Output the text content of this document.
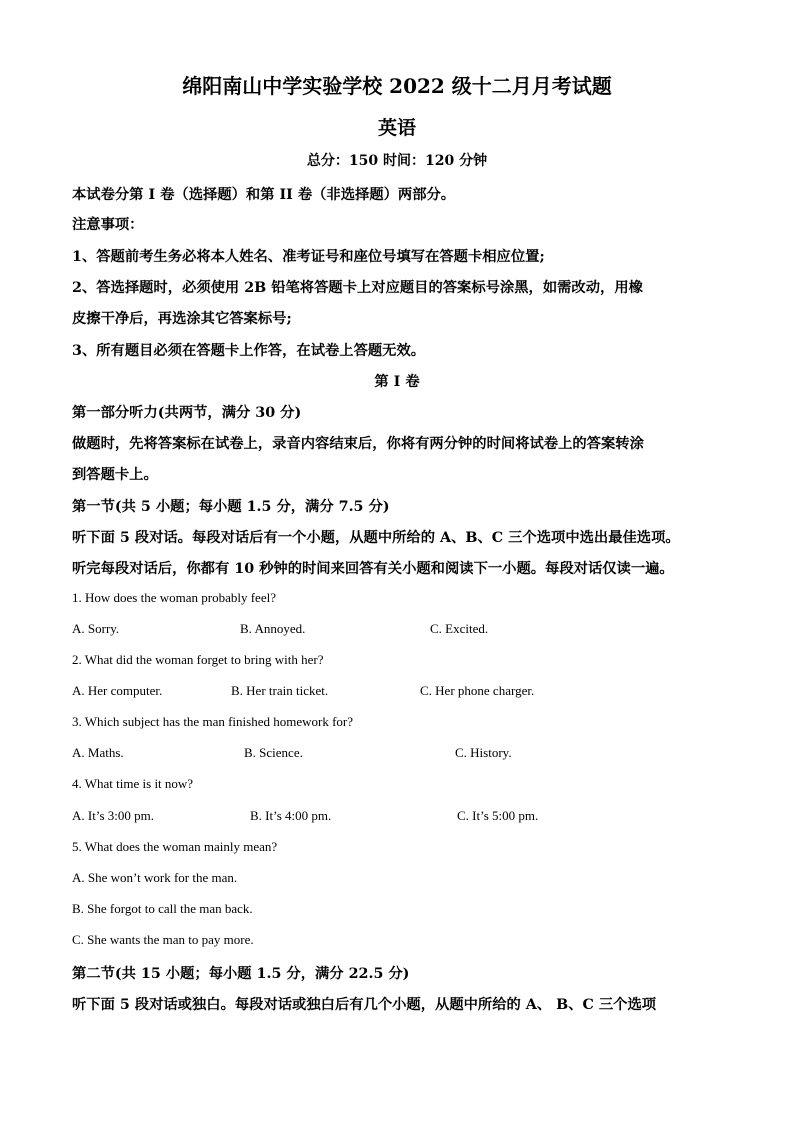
绵阳南山中学实验学校 2022 级十二月月考试题
英语
总分：150 时间：120 分钟
本试卷分第 I 卷（选择题）和第 II 卷（非选择题）两部分。
注意事项：
1、答题前考生务必将本人姓名、准考证号和座位号填写在答题卡相应位置;
2、答选择题时，必须使用 2B 铅笔将答题卡上对应题目的答案标号涂黑，如需改动，用橡
皮擦干净后，再选涂其它答案标号;
3、所有题目必须在答题卡上作答，在试卷上答题无效。
第 I 卷
第一部分听力(共两节，满分 30 分)
做题时，先将答案标在试卷上，录音内容结束后，你将有两分钟的时间将试卷上的答案转涂
到答题卡上。
第一节(共 5 小题；每小题 1.5 分，满分 7.5 分)
听下面 5 段对话。每段对话后有一个小题，从题中所给的 A、B、C 三个选项中选出最佳选项。
听完每段对话后，你都有 10 秒钟的时间来回答有关小题和阅读下一小题。每段对话仅读一遍。
1. How does the woman probably feel?
A. Sorry.	B. Annoyed.	C. Excited.
2. What did the woman forget to bring with her?
A. Her computer.	B. Her train ticket.	C. Her phone charger.
3. Which subject has the man finished homework for?
A. Maths.	B. Science.	C. History.
4. What time is it now?
A. It’s 3:00 pm.	B. It’s 4:00 pm.	C. It’s 5:00 pm.
5. What does the woman mainly mean?
A. She won’t work for the man.
B. She forgot to call the man back.
C. She wants the man to pay more.
第二节(共 15 小题；每小题 1.5 分，满分 22.5 分)
听下面 5 段对话或独白。每段对话或独白后有几个小题，从题中所给的 A、 B、C 三个选项
